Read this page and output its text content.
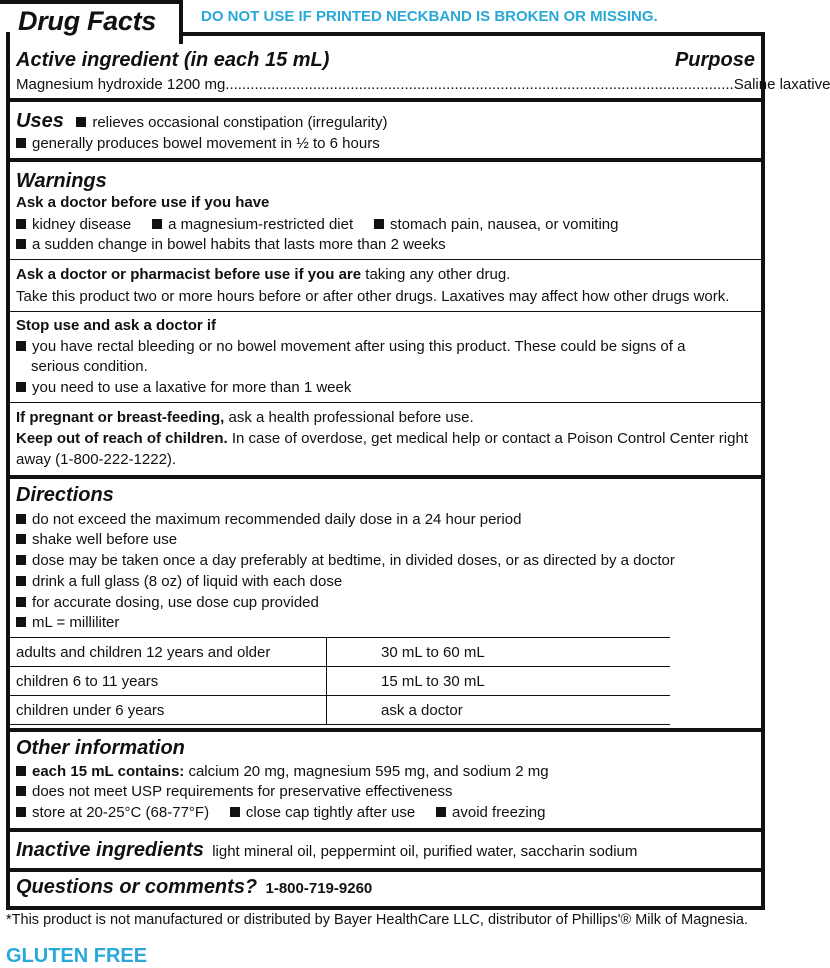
Drug Facts	DO NOT USE IF PRINTED NECKBAND IS BROKEN OR MISSING.
Active ingredient (in each 15 mL)	Purpose
Magnesium hydroxide 1200 mg .......................................................................................................................... Saline laxative
Uses relieves occasional constipation (irregularity)
generally produces bowel movement in ½ to 6 hours
Warnings
Ask a doctor before use if you have
kidney disease a magnesium-restricted diet stomach pain, nausea, or vomiting
a sudden change in bowel habits that lasts more than 2 weeks
Ask a doctor or pharmacist before use if you are taking any other drug.
Take this product two or more hours before or after other drugs. Laxatives may affect how other drugs work.
Stop use and ask a doctor if
you have rectal bleeding or no bowel movement after using this product. These could be signs of a
serious condition.
you need to use a laxative for more than 1 week
If pregnant or breast-feeding, ask a health professional before use.
Keep out of reach of children. In case of overdose, get medical help or contact a Poison Control Center right
away (1-800-222-1222).
Directions
do not exceed the maximum recommended daily dose in a 24 hour period
shake well before use
dose may be taken once a day preferably at bedtime, in divided doses, or as directed by a doctor
drink a full glass (8 oz) of liquid with each dose
for accurate dosing, use dose cup provided
mL = milliliter
adults and children 12 years and older	30 mL to 60 mL
children 6 to 11 years	15 mL to 30 mL
children under 6 years	ask a doctor
Other information
each 15 mL contains: calcium 20 mg, magnesium 595 mg, and sodium 2 mg
does not meet USP requirements for preservative effectiveness
store at 20-25°C (68-77°F) close cap tightly after use avoid freezing
Inactive ingredients light mineral oil, peppermint oil, purified water, saccharin sodium
Questions or comments? 1-800-719-9260
*This product is not manufactured or distributed by Bayer HealthCare LLC, distributor of Phillips'® Milk of Magnesia.
GLUTEN FREE
